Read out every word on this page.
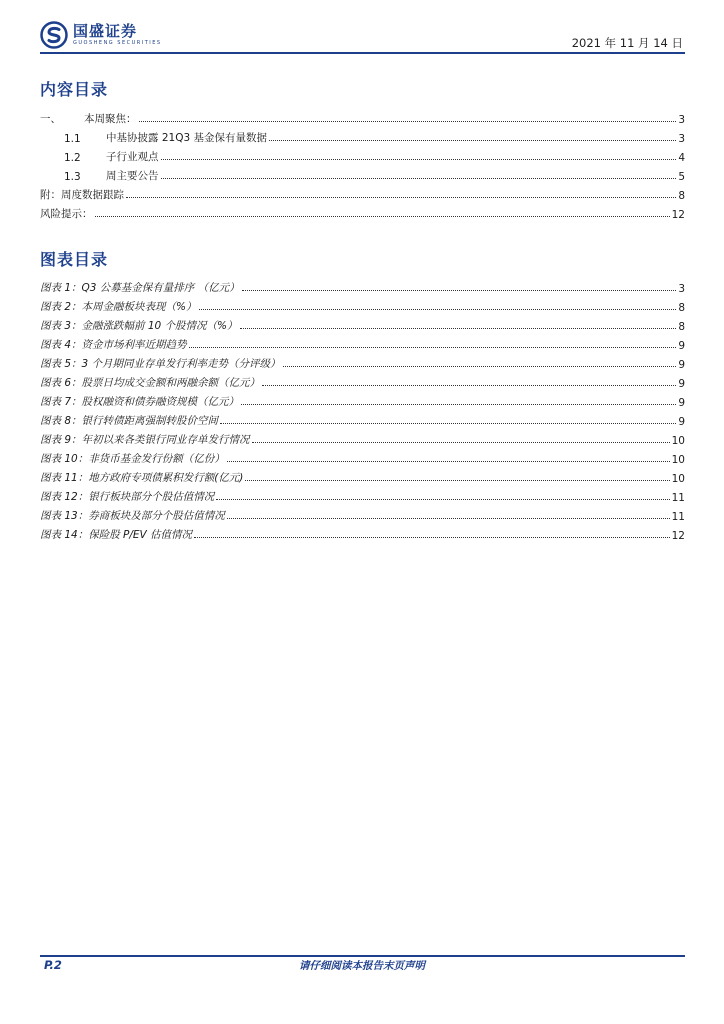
国盛证券
GUOSHENG SECURITIES	2021 年 11 月 14 日
内容目录
一、	本周聚焦：	3
1.1	中基协披露 21Q3 基金保有量数据	3
1.2	子行业观点	4
1.3	周主要公告	5
附：周度数据跟踪	8
风险提示：	12
图表目录
图表 1：Q3 公募基金保有量排序 （亿元）	3
图表 2：本周金融板块表现（%）	8
图表 3：金融涨跌幅前 10 个股情况（%）	8
图表 4：资金市场利率近期趋势	9
图表 5：3 个月期同业存单发行利率走势（分评级）	9
图表 6：股票日均成交金额和两融余额（亿元）	9
图表 7：股权融资和债券融资规模（亿元）	9
图表 8：银行转债距离强制转股价空间	9
图表 9：年初以来各类银行同业存单发行情况	10
图表 10：非货币基金发行份额（亿份）	10
图表 11：地方政府专项债累积发行额(亿元)	10
图表 12：银行板块部分个股估值情况	11
图表 13：券商板块及部分个股估值情况	11
图表 14：保险股 P/EV 估值情况	12
P.2	请仔细阅读本报告末页声明
